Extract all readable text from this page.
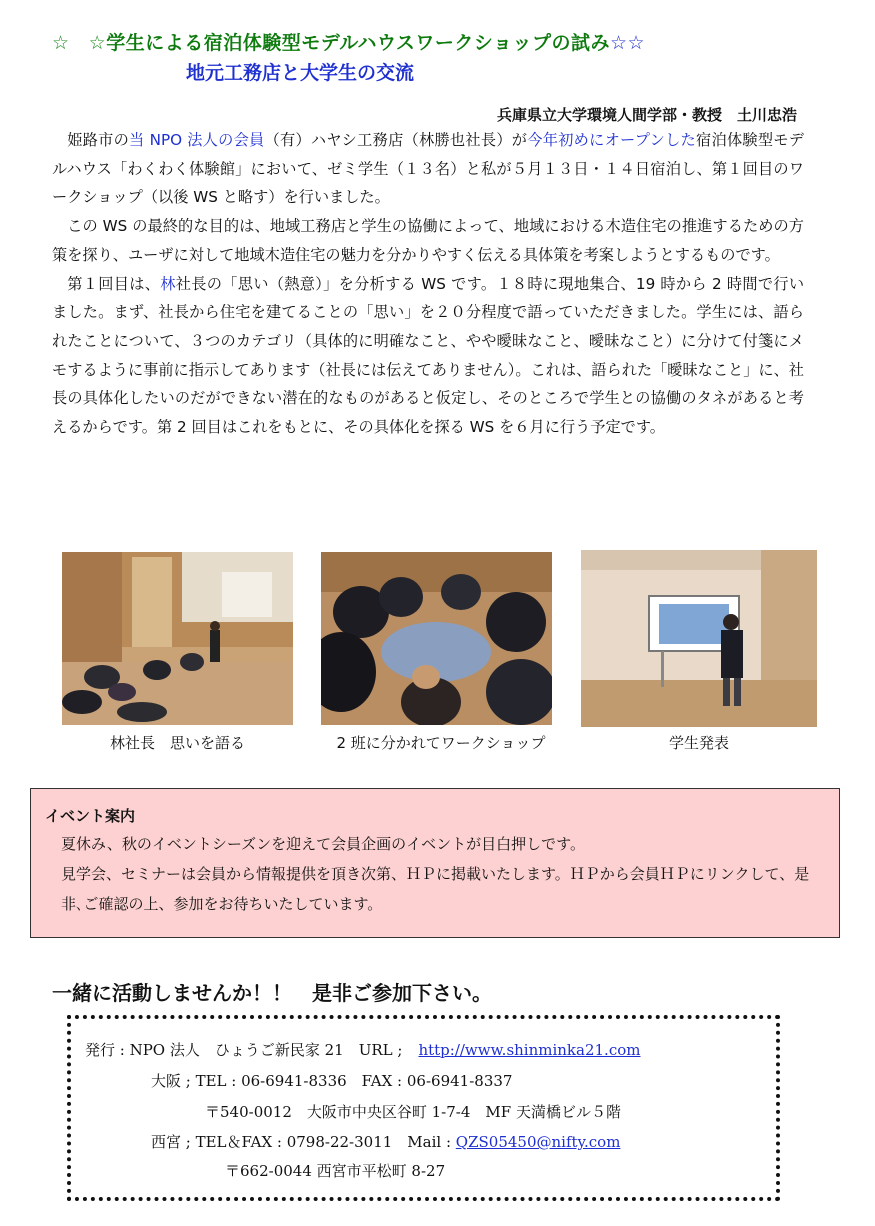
☆ ☆学生による宿泊体験型モデルハウスワークショップの試み☆☆
地元工務店と大学生の交流
兵庫県立大学環境人間学部・教授　土川忠浩

姫路市の当 NPO 法人の会員（有）ハヤシ工務店（林勝也社長）が今年初めにオープンした宿泊体験型モデルハウス「わくわく体験館」において、ゼミ学生（１３名）と私が５月１３日・１４日宿泊し、第１回目のワークショップ（以後 WS と略す）を行いました。

この WS の最終的な目的は、地域工務店と学生の協働によって、地域における木造住宅の推進するための方策を探り、ユーザに対して地域木造住宅の魅力を分かりやすく伝える具体策を考案しようとするものです。

第１回目は、林社長の「思い（熱意）」を分析する WS です。１８時に現地集合、19 時から 2 時間で行いました。まず、社長から住宅を建てることの「思い」を２０分程度で語っていただきました。学生には、語られたことについて、３つのカテゴリ（具体的に明確なこと、やや曖昧なこと、曖昧なこと）に分けて付箋にメモするように事前に指示してあります（社長には伝えてありません）。これは、語られた「曖昧なこと」に、社長の具体化したいのだができない潜在的なものがあると仮定し、そのところで学生との協働のタネがあると考えるからです。第 2 回目はこれをもとに、その具体化を探る WS を６月に行う予定です。

林社長　思いを語る	2 班に分かれてワークショップ	学生発表
イベント案内
夏休み、秋のイベントシーズンを迎えて会員企画のイベントが目白押しです。
見学会、セミナーは会員から情報提供を頂き次第、ＨＰに掲載いたします。ＨＰから会員ＨＰにリンクして、是非､ご確認の上、参加をお待ちいたしています。
一緒に活動しませんか！！ 是非ご参加下さい。
発行 : NPO 法人　ひょうご新民家 21　URL ; http://www.shinminka21.com
大阪 ; TEL : 06-6941-8336　FAX : 06-6941-8337
〒540-0012　大阪市中央区谷町 1-7-4　MF 天満橋ビル５階
西宮 ; TEL＆FAX : 0798-22-3011　Mail : QZS05450@nifty.com
〒662-0044 西宮市平松町 8-27
